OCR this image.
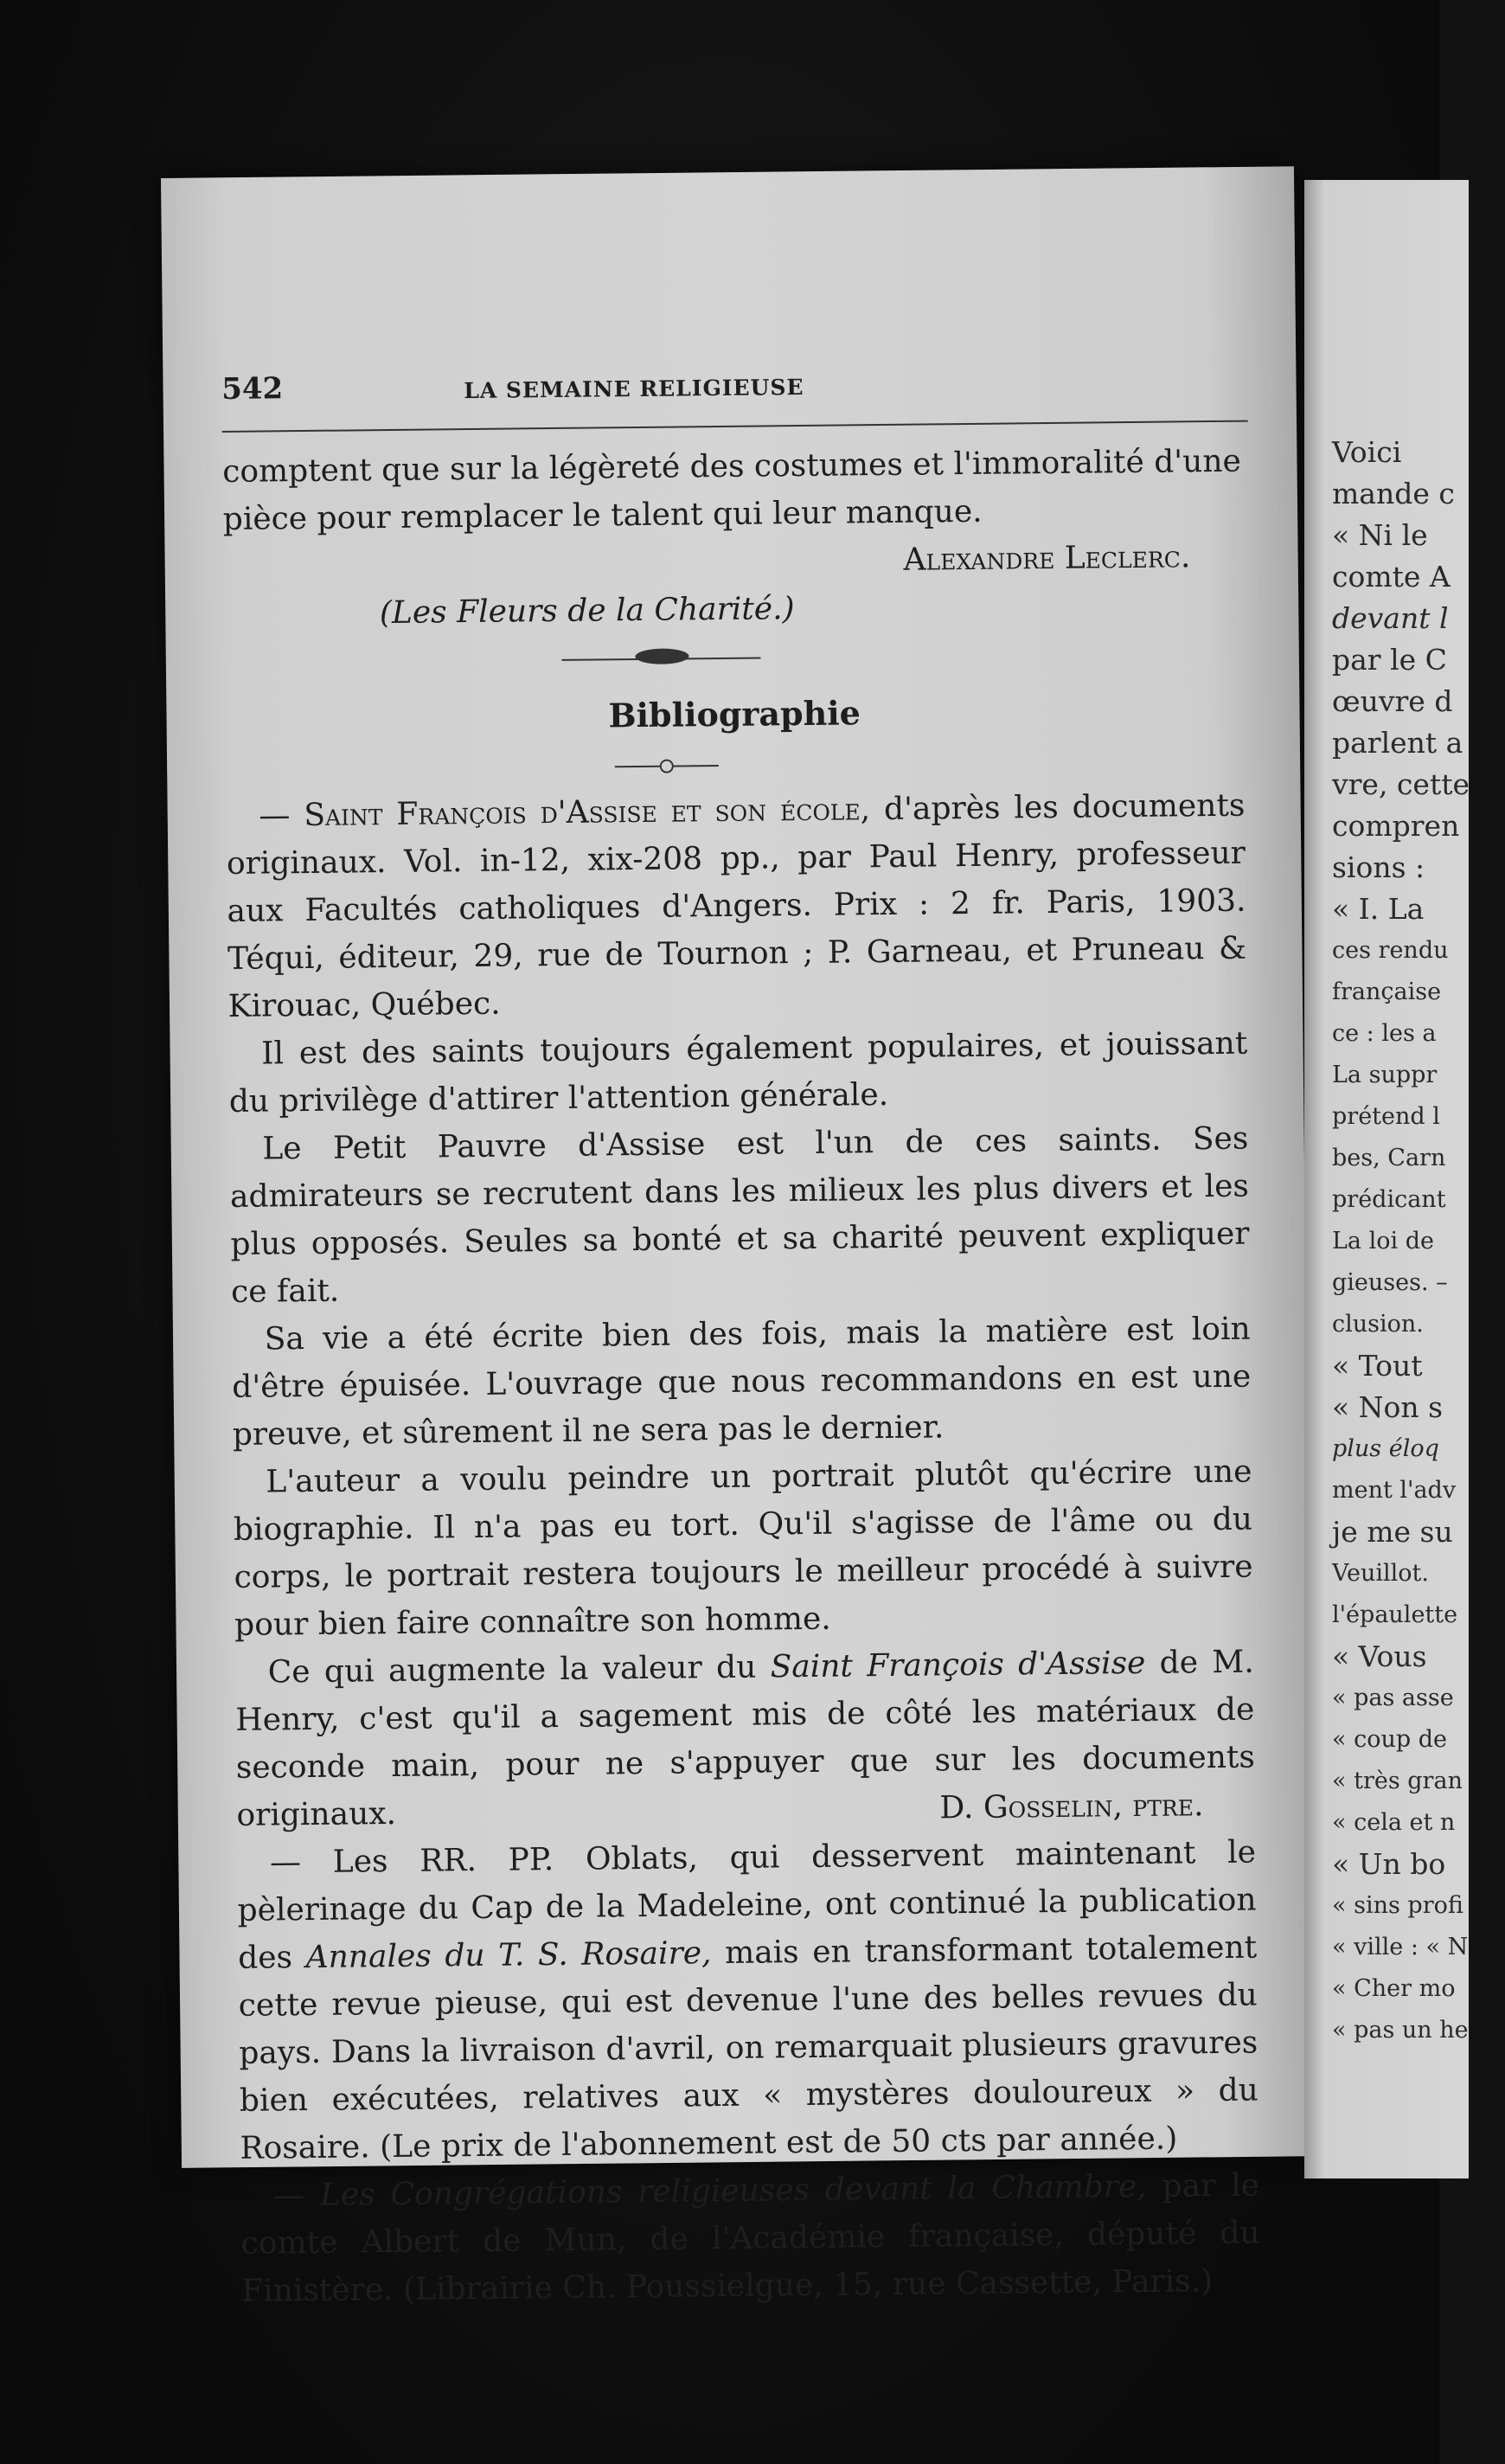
542	LA SEMAINE RELIGIEUSE

comptent que sur la légèreté des costumes et l'immoralité d'une

pièce pour remplacer le talent qui leur manque.

Alexandre Leclerc.

(Les Fleurs de la Charité.)

Bibliographie

— Saint François d'Assise et son école, d'après les documents originaux. Vol. in-12, xix-208 pp., par Paul Henry, professeur aux Facultés catholiques d'Angers. Prix : 2 fr. Paris, 1903. Téqui, éditeur, 29, rue de Tournon ; P. Garneau, et Pruneau & Kirouac, Québec.

Il est des saints toujours également populaires, et jouissant du privilège d'attirer l'attention générale.

Le Petit Pauvre d'Assise est l'un de ces saints. Ses admirateurs se recrutent dans les milieux les plus divers et les plus opposés. Seules sa bonté et sa charité peuvent expliquer ce fait.

Sa vie a été écrite bien des fois, mais la matière est loin d'être épuisée. L'ouvrage que nous recommandons en est une preuve, et sûrement il ne sera pas le dernier.

L'auteur a voulu peindre un portrait plutôt qu'écrire une biographie. Il n'a pas eu tort. Qu'il s'agisse de l'âme ou du corps, le portrait restera toujours le meilleur procédé à suivre pour bien faire connaître son homme.

Ce qui augmente la valeur du Saint François d'Assise de M. Henry, c'est qu'il a sagement mis de côté les matériaux de seconde main, pour ne s'appuyer que sur les documents originaux.	D. Gosselin, ptre.

— Les RR. PP. Oblats, qui desservent maintenant le pèlerinage du Cap de la Madeleine, ont continué la publication des Annales du T. S. Rosaire, mais en transformant totalement cette revue pieuse, qui est devenue l'une des belles revues du pays. Dans la livraison d'avril, on remarquait plusieurs gravures bien exécutées, relatives aux « mystères douloureux » du Rosaire. (Le prix de l'abonnement est de 50 cts par année.)

— Les Congrégations religieuses devant la Chambre, par le comte Albert de Mun, de l'Académie française, député du Finistère. (Librairie Ch. Poussielgue, 15, rue Cassette, Paris.)

Voici
mande c
« Ni le
comte A
devant l
par le C
œuvre d
parlent a
vre, cette
compren
sions :
« I. La
ces rendu
française
ce : les a
La suppr
prétend l
bes, Carn
prédicant
La loi de
gieuses. –
clusion.
« Tout
« Non s
plus éloq
ment l'adv
je me su
Veuillot.
l'épaulette
« Vous
« pas asse
« coup de
« très gran
« cela et n
« Un bo
« sins profi
« ville : « N
« Cher mo
« pas un he
